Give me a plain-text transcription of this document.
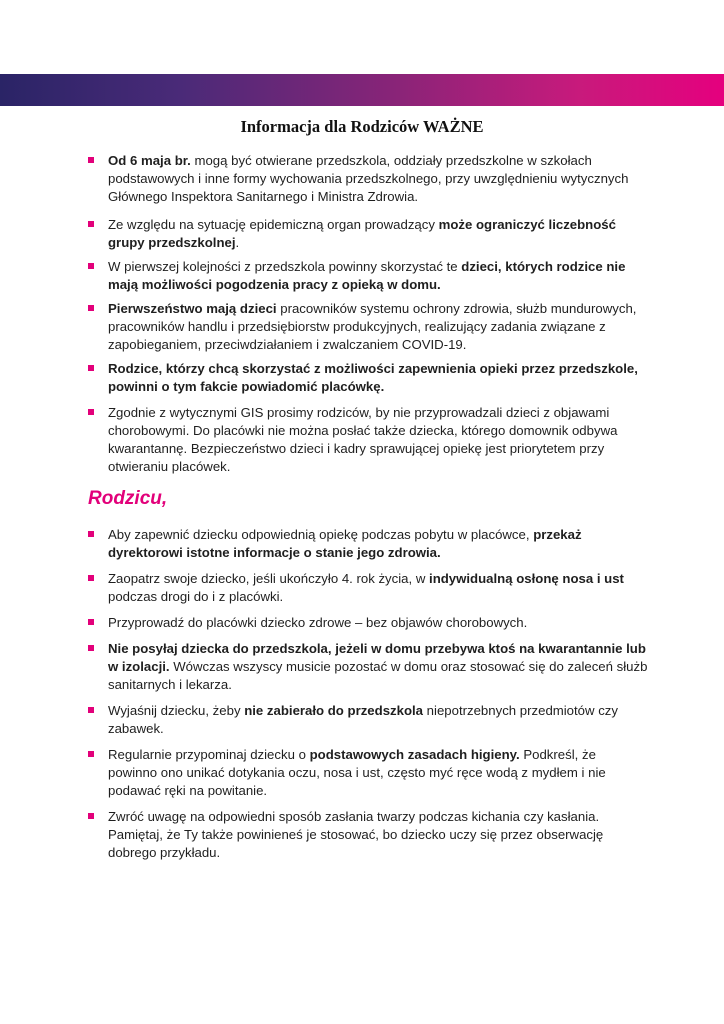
Informacja dla Rodziców WAŻNE
Od 6 maja br. mogą być otwierane przedszkola, oddziały przedszkolne w szkołach podstawowych i inne formy wychowania przedszkolnego, przy uwzględnieniu wytycznych Głównego Inspektora Sanitarnego i Ministra Zdrowia.
Ze względu na sytuację epidemiczną organ prowadzący może ograniczyć liczebność grupy przedszkolnej.
W pierwszej kolejności z przedszkola powinny skorzystać te dzieci, których rodzice nie mają możliwości pogodzenia pracy z opieką w domu.
Pierwszeństwo mają dzieci pracowników systemu ochrony zdrowia, służb mundurowych, pracowników handlu i przedsiębiorstw produkcyjnych, realizujący zadania związane z zapobieganiem, przeciwdziałaniem i zwalczaniem COVID-19.
Rodzice, którzy chcą skorzystać z możliwości zapewnienia opieki przez przedszkole, powinni o tym fakcie powiadomić placówkę.
Zgodnie z wytycznymi GIS prosimy rodziców, by nie przyprowadzali dzieci z objawami chorobowymi. Do placówki nie można posłać także dziecka, którego domownik odbywa kwarantannę. Bezpieczeństwo dzieci i kadry sprawującej opiekę jest priorytetem przy otwieraniu placówek.
Rodzicu,
Aby zapewnić dziecku odpowiednią opiekę podczas pobytu w placówce, przekaż dyrektorowi istotne informacje o stanie jego zdrowia.
Zaopatrz swoje dziecko, jeśli ukończyło 4. rok życia, w indywidualną osłonę nosa i ust podczas drogi do i z placówki.
Przyprowadź do placówki dziecko zdrowe – bez objawów chorobowych.
Nie posyłaj dziecka do przedszkola, jeżeli w domu przebywa ktoś na kwarantannie lub w izolacji. Wówczas wszyscy musicie pozostać w domu oraz stosować się do zaleceń służb sanitarnych i lekarza.
Wyjaśnij dziecku, żeby nie zabierało do przedszkola niepotrzebnych przedmiotów czy zabawek.
Regularnie przypominaj dziecku o podstawowych zasadach higieny. Podkreśl, że powinno ono unikać dotykania oczu, nosa i ust, często myć ręce wodą z mydłem i nie podawać ręki na powitanie.
Zwróć uwagę na odpowiedni sposób zasłania twarzy podczas kichania czy kasłania. Pamiętaj, że Ty także powinieneś je stosować, bo dziecko uczy się przez obserwację dobrego przykładu.
